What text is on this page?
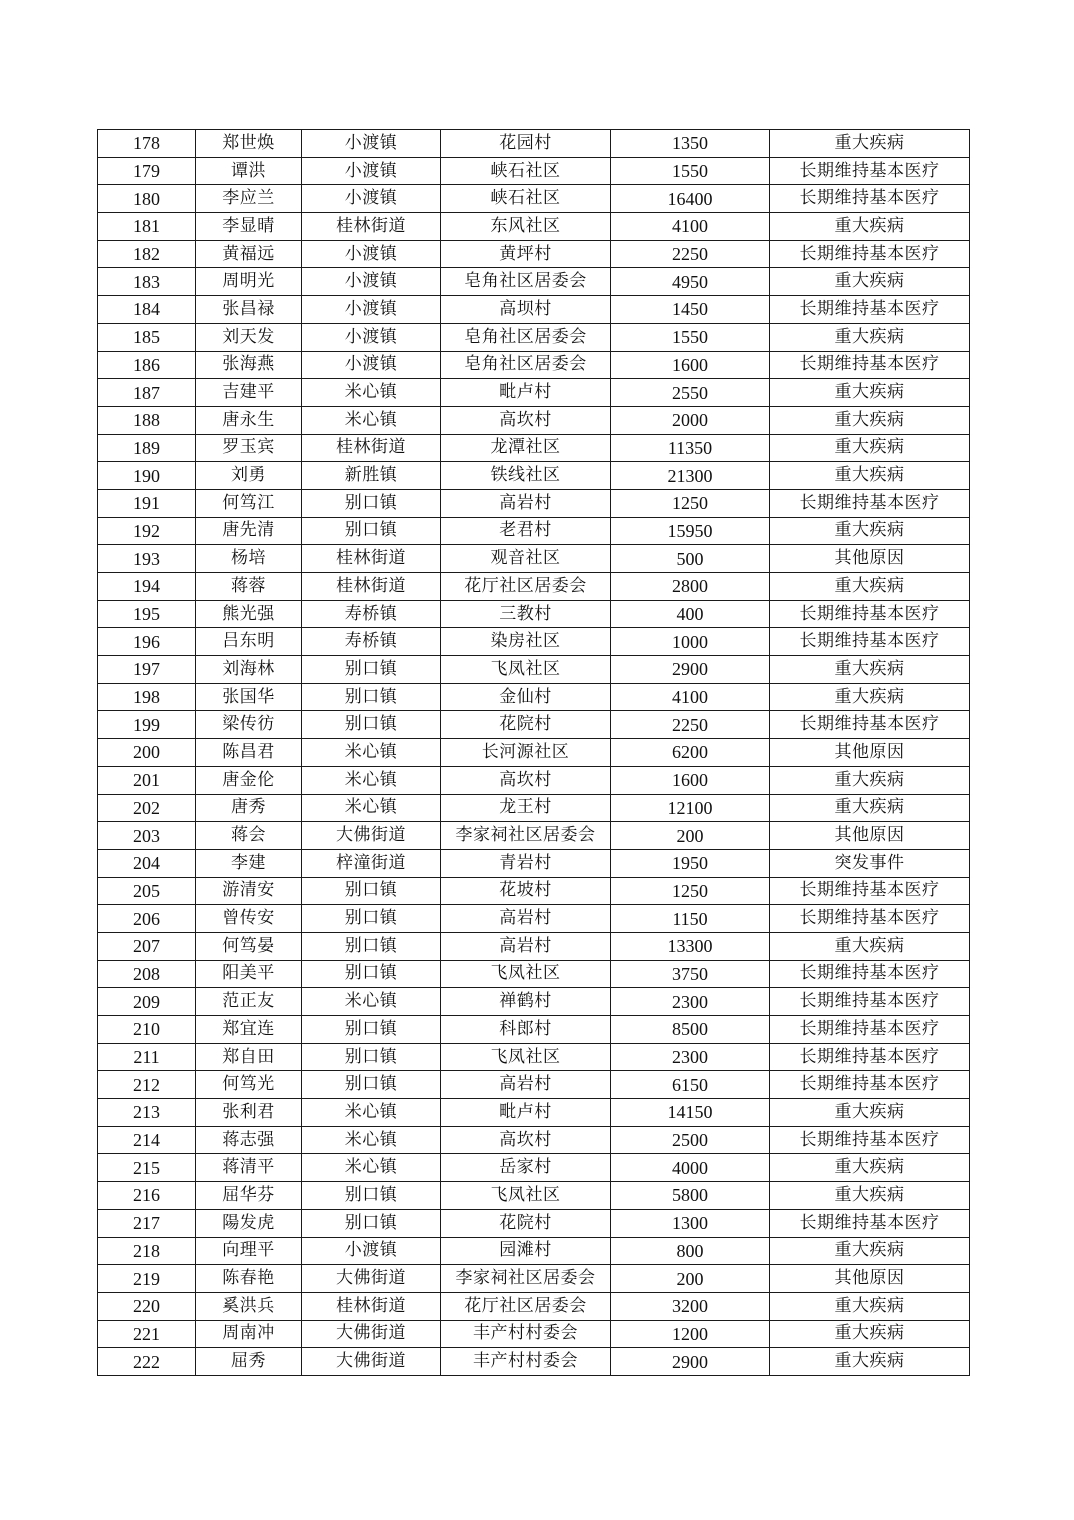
178	郑世焕	小渡镇	花园村	1350	重大疾病
179	谭洪	小渡镇	峡石社区	1550	长期维持基本医疗
180	李应兰	小渡镇	峡石社区	16400	长期维持基本医疗
181	李显晴	桂林街道	东风社区	4100	重大疾病
182	黄福远	小渡镇	黄坪村	2250	长期维持基本医疗
183	周明光	小渡镇	皂角社区居委会	4950	重大疾病
184	张昌禄	小渡镇	高坝村	1450	长期维持基本医疗
185	刘天发	小渡镇	皂角社区居委会	1550	重大疾病
186	张海燕	小渡镇	皂角社区居委会	1600	长期维持基本医疗
187	吉建平	米心镇	毗卢村	2550	重大疾病
188	唐永生	米心镇	高坎村	2000	重大疾病
189	罗玉宾	桂林街道	龙潭社区	11350	重大疾病
190	刘勇	新胜镇	铁线社区	21300	重大疾病
191	何笃江	别口镇	高岩村	1250	长期维持基本医疗
192	唐先清	别口镇	老君村	15950	重大疾病
193	杨培	桂林街道	观音社区	500	其他原因
194	蒋蓉	桂林街道	花厅社区居委会	2800	重大疾病
195	熊光强	寿桥镇	三教村	400	长期维持基本医疗
196	吕东明	寿桥镇	染房社区	1000	长期维持基本医疗
197	刘海林	别口镇	飞凤社区	2900	重大疾病
198	张国华	别口镇	金仙村	4100	重大疾病
199	梁传彷	别口镇	花院村	2250	长期维持基本医疗
200	陈昌君	米心镇	长河源社区	6200	其他原因
201	唐金伦	米心镇	高坎村	1600	重大疾病
202	唐秀	米心镇	龙王村	12100	重大疾病
203	蒋会	大佛街道	李家祠社区居委会	200	其他原因
204	李建	梓潼街道	青岩村	1950	突发事件
205	游清安	别口镇	花坡村	1250	长期维持基本医疗
206	曾传安	别口镇	高岩村	1150	长期维持基本医疗
207	何笃晏	别口镇	高岩村	13300	重大疾病
208	阳美平	别口镇	飞凤社区	3750	长期维持基本医疗
209	范正友	米心镇	禅鹤村	2300	长期维持基本医疗
210	郑宜连	别口镇	科郎村	8500	长期维持基本医疗
211	郑自田	别口镇	飞凤社区	2300	长期维持基本医疗
212	何笃光	别口镇	高岩村	6150	长期维持基本医疗
213	张利君	米心镇	毗卢村	14150	重大疾病
214	蒋志强	米心镇	高坎村	2500	长期维持基本医疗
215	蒋清平	米心镇	岳家村	4000	重大疾病
216	屈华芬	别口镇	飞凤社区	5800	重大疾病
217	陽发虎	别口镇	花院村	1300	长期维持基本医疗
218	向理平	小渡镇	园滩村	800	重大疾病
219	陈春艳	大佛街道	李家祠社区居委会	200	其他原因
220	奚洪兵	桂林街道	花厅社区居委会	3200	重大疾病
221	周南冲	大佛街道	丰产村村委会	1200	重大疾病
222	屈秀	大佛街道	丰产村村委会	2900	重大疾病
